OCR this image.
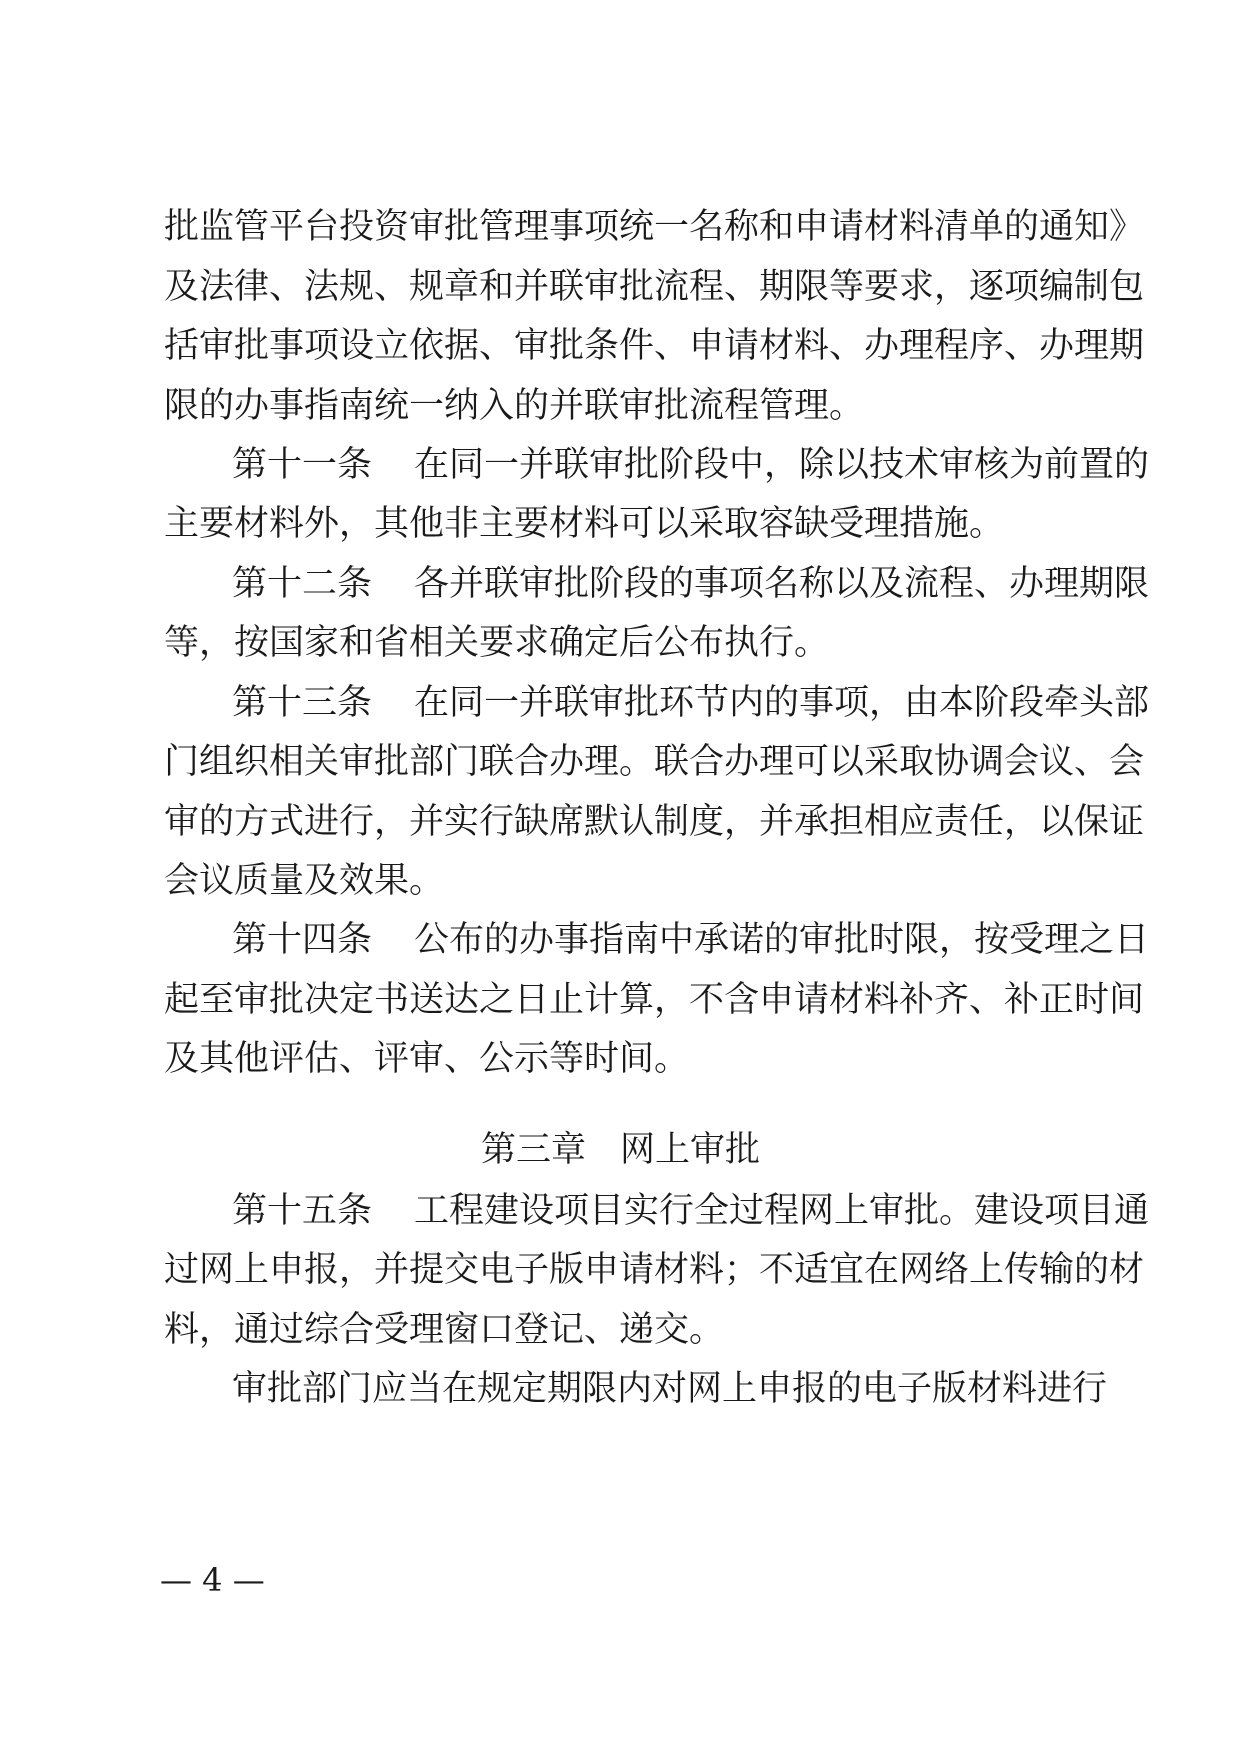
批监管平台投资审批管理事项统一名称和申请材料清单的通知》
及法律、法规、规章和并联审批流程、期限等要求，逐项编制包
括审批事项设立依据、审批条件、申请材料、办理程序、办理期
限的办事指南统一纳入的并联审批流程管理。
第十一条 在同一并联审批阶段中，除以技术审核为前置的
主要材料外，其他非主要材料可以采取容缺受理措施。
第十二条 各并联审批阶段的事项名称以及流程、办理期限
等，按国家和省相关要求确定后公布执行。
第十三条 在同一并联审批环节内的事项，由本阶段牵头部
门组织相关审批部门联合办理。联合办理可以采取协调会议、会
审的方式进行，并实行缺席默认制度，并承担相应责任，以保证
会议质量及效果。
第十四条 公布的办事指南中承诺的审批时限，按受理之日
起至审批决定书送达之日止计算，不含申请材料补齐、补正时间
及其他评估、评审、公示等时间。
第三章 网上审批
第十五条 工程建设项目实行全过程网上审批。建设项目通
过网上申报，并提交电子版申请材料；不适宜在网络上传输的材
料，通过综合受理窗口登记、递交。
审批部门应当在规定期限内对网上申报的电子版材料进行
— 4 —
